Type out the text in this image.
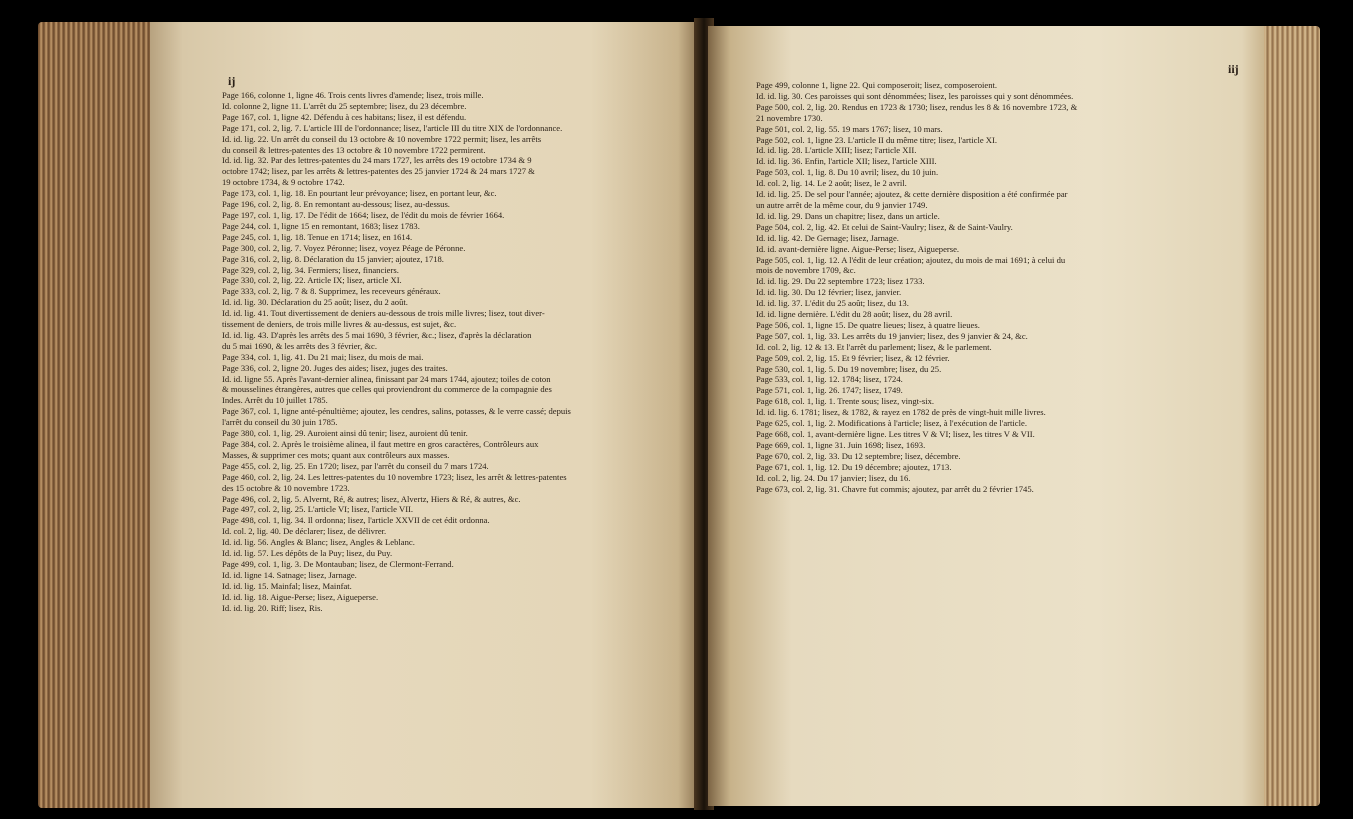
ij
Page 166, colonne 1, ligne 46. Trois cents livres d'amende; lisez, trois mille.
Id. colonne 2, ligne 11. L'arrêt du 25 septembre; lisez, du 23 décembre.
Page 167, col. 1, ligne 42. Défendu à ces habitans; lisez, il est défendu.
Page 171, col. 2, lig. 7. L'article III de l'ordonnance; lisez, l'article III du titre XIX de l'ordonnance.
Id. id. lig. 22. Un arrêt du conseil du 13 octobre & 10 novembre 1722 permit; lisez, les arrêts
du conseil & lettres-patentes des 13 octobre & 10 novembre 1722 permirent.
Id. id. lig. 32. Par des lettres-patentes du 24 mars 1727, les arrêts des 19 octobre 1734 & 9
octobre 1742; lisez, par les arrêts & lettres-patentes des 25 janvier 1724 & 24 mars 1727 &
19 octobre 1734, & 9 octobre 1742.
Page 173, col. 1, lig. 18. En pourtant leur prévoyance; lisez, en portant leur, &c.
Page 196, col. 2, lig. 8. En remontant au-dessous; lisez, au-dessus.
Page 197, col. 1, lig. 17. De l'édit de 1664; lisez, de l'édit du mois de février 1664.
Page 244, col. 1, ligne 15 en remontant, 1683; lisez 1783.
Page 245, col. 1, lig. 18. Tenue en 1714; lisez, en 1614.
Page 300, col. 2, lig. 7. Voyez Péronne; lisez, voyez Péage de Péronne.
Page 316, col. 2, lig. 8. Déclaration du 15 janvier; ajoutez, 1718.
Page 329, col. 2, lig. 34. Fermiers; lisez, financiers.
Page 330, col. 2, lig. 22. Article IX; lisez, article XI.
Page 333, col. 2, lig. 7 & 8. Supprimez, les receveurs généraux.
Id. id. lig. 30. Déclaration du 25 août; lisez, du 2 août.
Id. id. lig. 41. Tout divertissement de deniers au-dessous de trois mille livres; lisez, tout diver-
tissement de deniers, de trois mille livres & au-dessus, est sujet, &c.
Id. id. lig. 43. D'après les arrêts des 5 mai 1690, 3 février, &c.; lisez, d'après la déclaration
du 5 mai 1690, & les arrêts des 3 février, &c.
Page 334, col. 1, lig. 41. Du 21 mai; lisez, du mois de mai.
Page 336, col. 2, ligne 20. Juges des aides; lisez, juges des traites.
Id. id. ligne 55. Après l'avant-dernier alinea, finissant par 24 mars 1744, ajoutez; toiles de coton
& mousselines étrangères, autres que celles qui proviendront du commerce de la compagnie des
Indes. Arrêt du 10 juillet 1785.
Page 367, col. 1, ligne anté-pénultième; ajoutez, les cendres, salins, potasses, & le verre cassé; depuis
l'arrêt du conseil du 30 juin 1785.
Page 380, col. 1, lig. 29. Auroient ainsi dû tenir; lisez, auroient dû tenir.
Page 384, col. 2. Après le troisième alinea, il faut mettre en gros caractères, Contrôleurs aux
Masses, & supprimer ces mots; quant aux contrôleurs aux masses.
Page 455, col. 2, lig. 25. En 1720; lisez, par l'arrêt du conseil du 7 mars 1724.
Page 460, col. 2, lig. 24. Les lettres-patentes du 10 novembre 1723; lisez, les arrêt & lettres-patentes
des 15 octobre & 10 novembre 1723.
Page 496, col. 2, lig. 5. Alvernt, Ré, & autres; lisez, Alvertz, Hiers & Ré, & autres, &c.
Page 497, col. 2, lig. 25. L'article VI; lisez, l'article VII.
Page 498, col. 1, lig. 34. Il ordonna; lisez, l'article XXVII de cet édit ordonna.
Id. col. 2, lig. 40. De déclarer; lisez, de délivrer.
Id. id. lig. 56. Angles & Blanc; lisez, Angles & Leblanc.
Id. id. lig. 57. Les dépôts de la Puy; lisez, du Puy.
Page 499, col. 1, lig. 3. De Montauban; lisez, de Clermont-Ferrand.
Id. id. ligne 14. Satnage; lisez, Jarnage.
Id. id. lig. 15. Mainfal; lisez, Mainfat.
Id. id. lig. 18. Aigue-Perse; lisez, Aigueperse.
Id. id. lig. 20. Riff; lisez, Ris.
iij
Page 499, colonne 1, ligne 22. Qui composeroit; lisez, composeroient.
Id. id. lig. 30. Ces paroisses qui sont dénommées; lisez, les paroisses qui y sont dénommées.
Page 500, col. 2, lig. 20. Rendus en 1723 & 1730; lisez, rendus les 8 & 16 novembre 1723, &
21 novembre 1730.
Page 501, col. 2, lig. 55. 19 mars 1767; lisez, 10 mars.
Page 502, col. 1, ligne 23. L'article II du même titre; lisez, l'article XI.
Id. id. lig. 28. L'article XIII; lisez; l'article XII.
Id. id. lig. 36. Enfin, l'article XII; lisez, l'article XIII.
Page 503, col. 1, lig. 8. Du 10 avril; lisez, du 10 juin.
Id. col. 2, lig. 14. Le 2 août; lisez, le 2 avril.
Id. id. lig. 25. De sel pour l'année; ajoutez, & cette dernière disposition a été confirmée par
un autre arrêt de la même cour, du 9 janvier 1749.
Id. id. lig. 29. Dans un chapitre; lisez, dans un article.
Page 504, col. 2, lig. 42. Et celui de Saint-Vaulry; lisez, & de Saint-Vaulry.
Id. id. lig. 42. De Gernage; lisez, Jarnage.
Id. id. avant-dernière ligne. Aigue-Perse; lisez, Aigueperse.
Page 505, col. 1, lig. 12. A l'édit de leur création; ajoutez, du mois de mai 1691; à celui du
mois de novembre 1709, &c.
Id. id. lig. 29. Du 22 septembre 1723; lisez 1733.
Id. id. lig. 30. Du 12 février; lisez, janvier.
Id. id. lig. 37. L'édit du 25 août; lisez, du 13.
Id. id. ligne dernière. L'édit du 28 août; lisez, du 28 avril.
Page 506, col. 1, ligne 15. De quatre lieues; lisez, à quatre lieues.
Page 507, col. 1, lig. 33. Les arrêts du 19 janvier; lisez, des 9 janvier & 24, &c.
Id. col. 2, lig. 12 & 13. Et l'arrêt du parlement; lisez, & le parlement.
Page 509, col. 2, lig. 15. Et 9 février; lisez, & 12 février.
Page 530, col. 1, lig. 5. Du 19 novembre; lisez, du 25.
Page 533, col. 1, lig. 12. 1784; lisez, 1724.
Page 571, col. 1, lig. 26. 1747; lisez, 1749.
Page 618, col. 1, lig. 1. Trente sous; lisez, vingt-six.
Id. id. lig. 6. 1781; lisez, & 1782, & rayez en 1782 de près de vingt-huit mille livres.
Page 625, col. 1, lig. 2. Modifications à l'article; lisez, à l'exécution de l'article.
Page 668, col. 1, avant-dernière ligne. Les titres V & VI; lisez, les titres V & VII.
Page 669, col. 1, ligne 31. Juin 1698; lisez, 1693.
Page 670, col. 2, lig. 33. Du 12 septembre; lisez, décembre.
Page 671, col. 1, lig. 12. Du 19 décembre; ajoutez, 1713.
Id. col. 2, lig. 24. Du 17 janvier; lisez, du 16.
Page 673, col. 2, lig. 31. Chavre fut commis; ajoutez, par arrêt du 2 février 1745.
